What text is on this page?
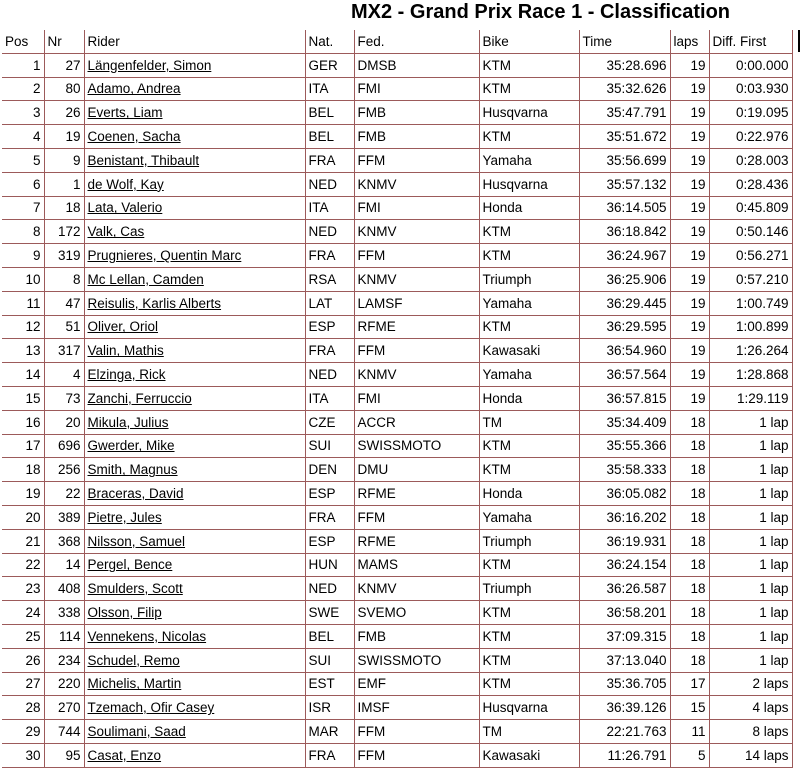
MX2 - Grand Prix Race 1 - Classification
Pos	Nr	Rider	Nat.	Fed.	Bike	Time	laps	Diff. First
1	27	Längenfelder, Simon	GER	DMSB	KTM	35:28.696	19	0:00.000
2	80	Adamo, Andrea	ITA	FMI	KTM	35:32.626	19	0:03.930
3	26	Everts, Liam	BEL	FMB	Husqvarna	35:47.791	19	0:19.095
4	19	Coenen, Sacha	BEL	FMB	KTM	35:51.672	19	0:22.976
5	9	Benistant, Thibault	FRA	FFM	Yamaha	35:56.699	19	0:28.003
6	1	de Wolf, Kay	NED	KNMV	Husqvarna	35:57.132	19	0:28.436
7	18	Lata, Valerio	ITA	FMI	Honda	36:14.505	19	0:45.809
8	172	Valk, Cas	NED	KNMV	KTM	36:18.842	19	0:50.146
9	319	Prugnieres, Quentin Marc	FRA	FFM	KTM	36:24.967	19	0:56.271
10	8	Mc Lellan, Camden	RSA	KNMV	Triumph	36:25.906	19	0:57.210
11	47	Reisulis, Karlis Alberts	LAT	LAMSF	Yamaha	36:29.445	19	1:00.749
12	51	Oliver, Oriol	ESP	RFME	KTM	36:29.595	19	1:00.899
13	317	Valin, Mathis	FRA	FFM	Kawasaki	36:54.960	19	1:26.264
14	4	Elzinga, Rick	NED	KNMV	Yamaha	36:57.564	19	1:28.868
15	73	Zanchi, Ferruccio	ITA	FMI	Honda	36:57.815	19	1:29.119
16	20	Mikula, Julius	CZE	ACCR	TM	35:34.409	18	1 lap
17	696	Gwerder, Mike	SUI	SWISSMOTO	KTM	35:55.366	18	1 lap
18	256	Smith, Magnus	DEN	DMU	KTM	35:58.333	18	1 lap
19	22	Braceras, David	ESP	RFME	Honda	36:05.082	18	1 lap
20	389	Pietre, Jules	FRA	FFM	Yamaha	36:16.202	18	1 lap
21	368	Nilsson, Samuel	ESP	RFME	Triumph	36:19.931	18	1 lap
22	14	Pergel, Bence	HUN	MAMS	KTM	36:24.154	18	1 lap
23	408	Smulders, Scott	NED	KNMV	Triumph	36:26.587	18	1 lap
24	338	Olsson, Filip	SWE	SVEMO	KTM	36:58.201	18	1 lap
25	114	Vennekens, Nicolas	BEL	FMB	KTM	37:09.315	18	1 lap
26	234	Schudel, Remo	SUI	SWISSMOTO	KTM	37:13.040	18	1 lap
27	220	Michelis, Martin	EST	EMF	KTM	35:36.705	17	2 laps
28	270	Tzemach, Ofir Casey	ISR	IMSF	Husqvarna	36:39.126	15	4 laps
29	744	Soulimani, Saad	MAR	FFM	TM	22:21.763	11	8 laps
30	95	Casat, Enzo	FRA	FFM	Kawasaki	11:26.791	5	14 laps
